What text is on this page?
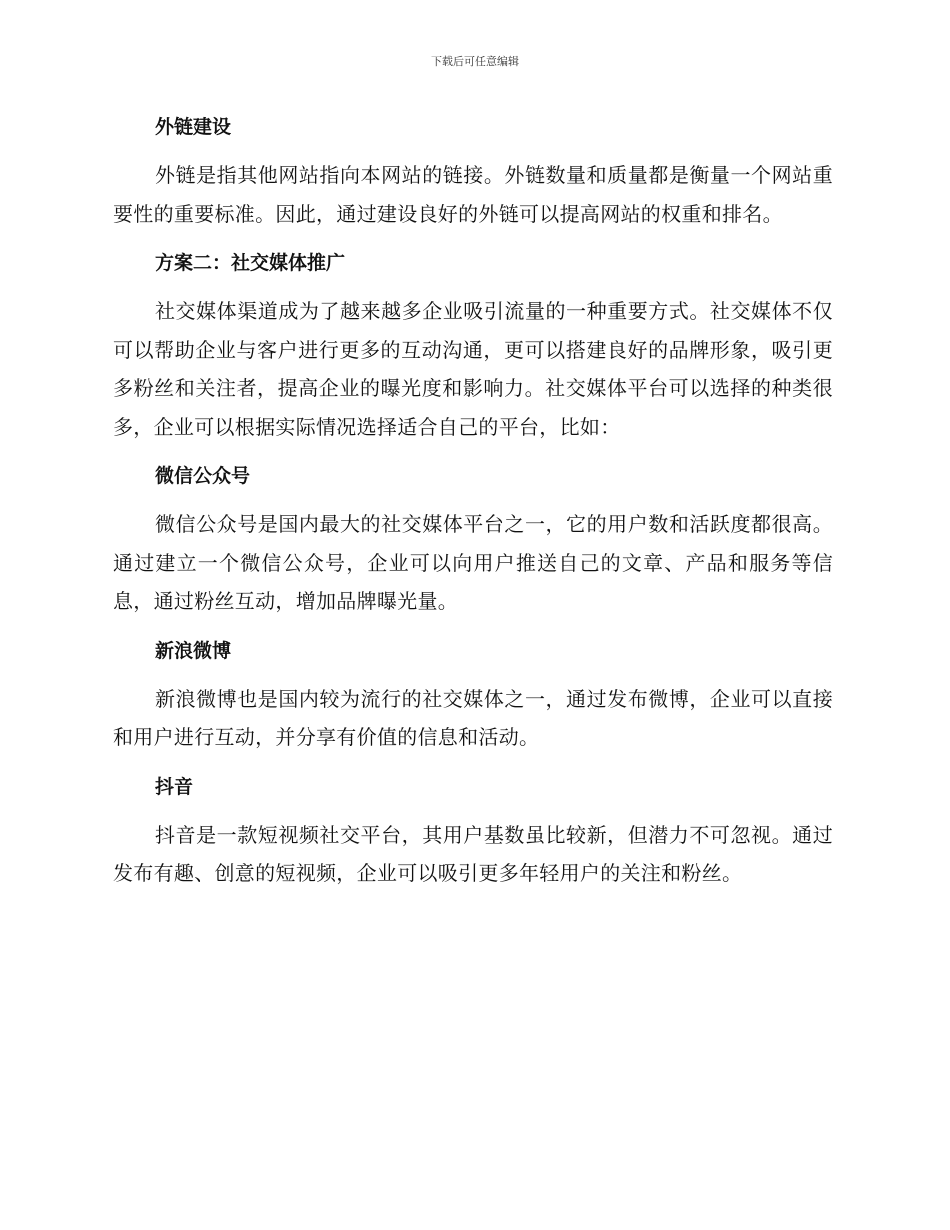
下载后可任意编辑
外链建设

外链是指其他网站指向本网站的链接。外链数量和质量都是衡量一个网站重要性的重要标准。因此，通过建设良好的外链可以提高网站的权重和排名。

方案二：社交媒体推广

社交媒体渠道成为了越来越多企业吸引流量的一种重要方式。社交媒体不仅可以帮助企业与客户进行更多的互动沟通，更可以搭建良好的品牌形象，吸引更多粉丝和关注者，提高企业的曝光度和影响力。社交媒体平台可以选择的种类很多，企业可以根据实际情况选择适合自己的平台，比如：

微信公众号

微信公众号是国内最大的社交媒体平台之一，它的用户数和活跃度都很高。通过建立一个微信公众号，企业可以向用户推送自己的文章、产品和服务等信息，通过粉丝互动，增加品牌曝光量。

新浪微博

新浪微博也是国内较为流行的社交媒体之一，通过发布微博，企业可以直接和用户进行互动，并分享有价值的信息和活动。

抖音

抖音是一款短视频社交平台，其用户基数虽比较新，但潜力不可忽视。通过发布有趣、创意的短视频，企业可以吸引更多年轻用户的关注和粉丝。
